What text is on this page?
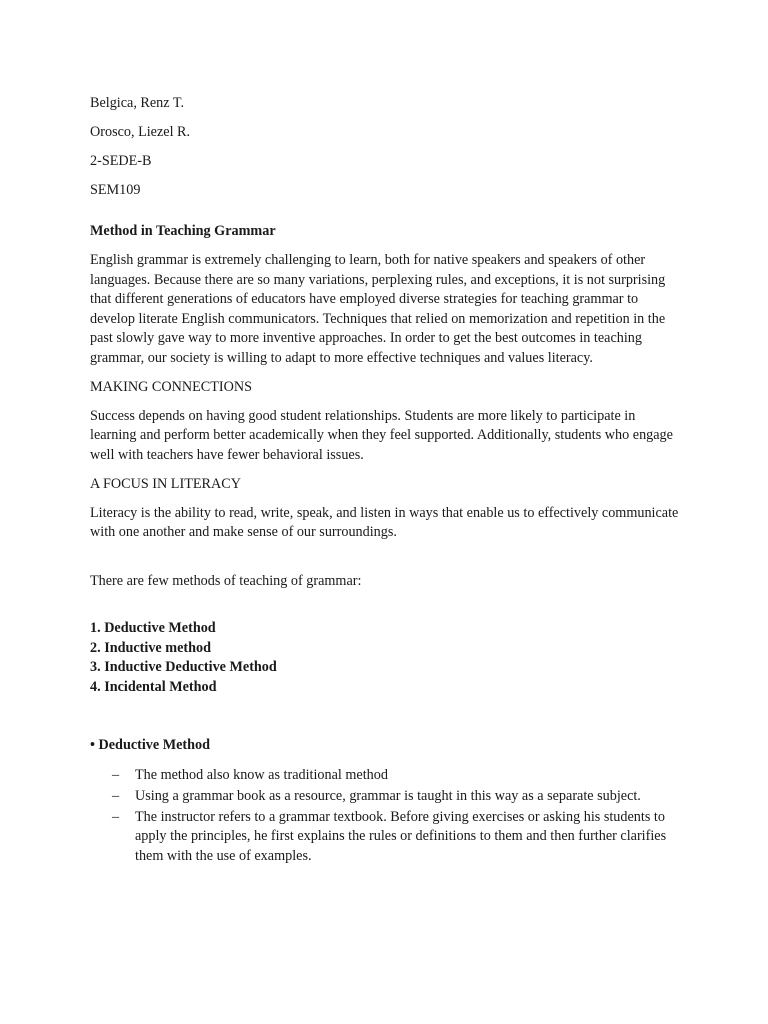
Belgica, Renz T.
Orosco, Liezel R.
2-SEDE-B
SEM109
Method in Teaching Grammar

English grammar is extremely challenging to learn, both for native speakers and speakers of other languages. Because there are so many variations, perplexing rules, and exceptions, it is not surprising that different generations of educators have employed diverse strategies for teaching grammar to develop literate English communicators. Techniques that relied on memorization and repetition in the past slowly gave way to more inventive approaches. In order to get the best outcomes in teaching grammar, our society is willing to adapt to more effective techniques and values literacy.

MAKING CONNECTIONS

Success depends on having good student relationships. Students are more likely to participate in learning and perform better academically when they feel supported. Additionally, students who engage well with teachers have fewer behavioral issues.

A FOCUS IN LITERACY

Literacy is the ability to read, write, speak, and listen in ways that enable us to effectively communicate with one another and make sense of our surroundings.

There are few methods of teaching of grammar:
1. Deductive Method
2. Inductive method
3. Inductive Deductive Method
4. Incidental Method
• Deductive Method
– The method also know as traditional method
– Using a grammar book as a resource, grammar is taught in this way as a separate subject.
– The instructor refers to a grammar textbook. Before giving exercises or asking his students to apply the principles, he first explains the rules or definitions to them and then further clarifies them with the use of examples.
